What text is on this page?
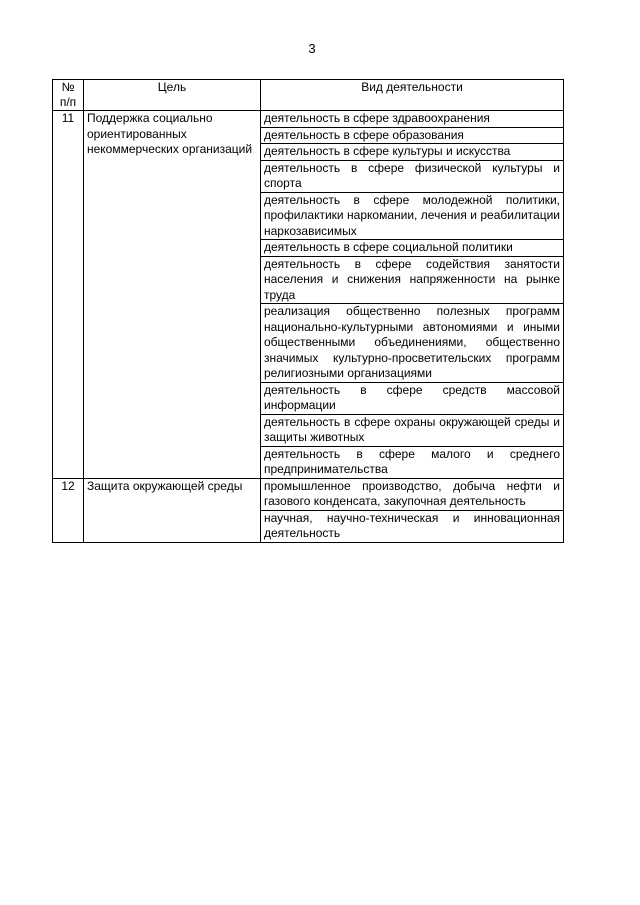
3
№
п/п	Цель	Вид деятельности
11	Поддержка социально ориентированных некоммерческих организаций	деятельность в сфере здравоохранения
		деятельность в сфере образования
		деятельность в сфере культуры и искусства
		деятельность в сфере физической культуры и спорта
		деятельность в сфере молодежной политики, профилактики наркомании, лечения и реабилитации наркозависимых
		деятельность в сфере социальной политики
		деятельность в сфере содействия занятости населения и снижения напряженности на рынке труда
		реализация общественно полезных программ национально-культурными автономиями и иными общественными объединениями, общественно значимых культурно-просветительских программ религиозными организациями
		деятельность в сфере средств массовой информации
		деятельность в сфере охраны окружающей среды и защиты животных
		деятельность в сфере малого и среднего предпринимательства
12	Защита окружающей среды	промышленное производство, добыча нефти и газового конденсата, закупочная деятельность
		научная, научно-техническая и инновационная деятельность
